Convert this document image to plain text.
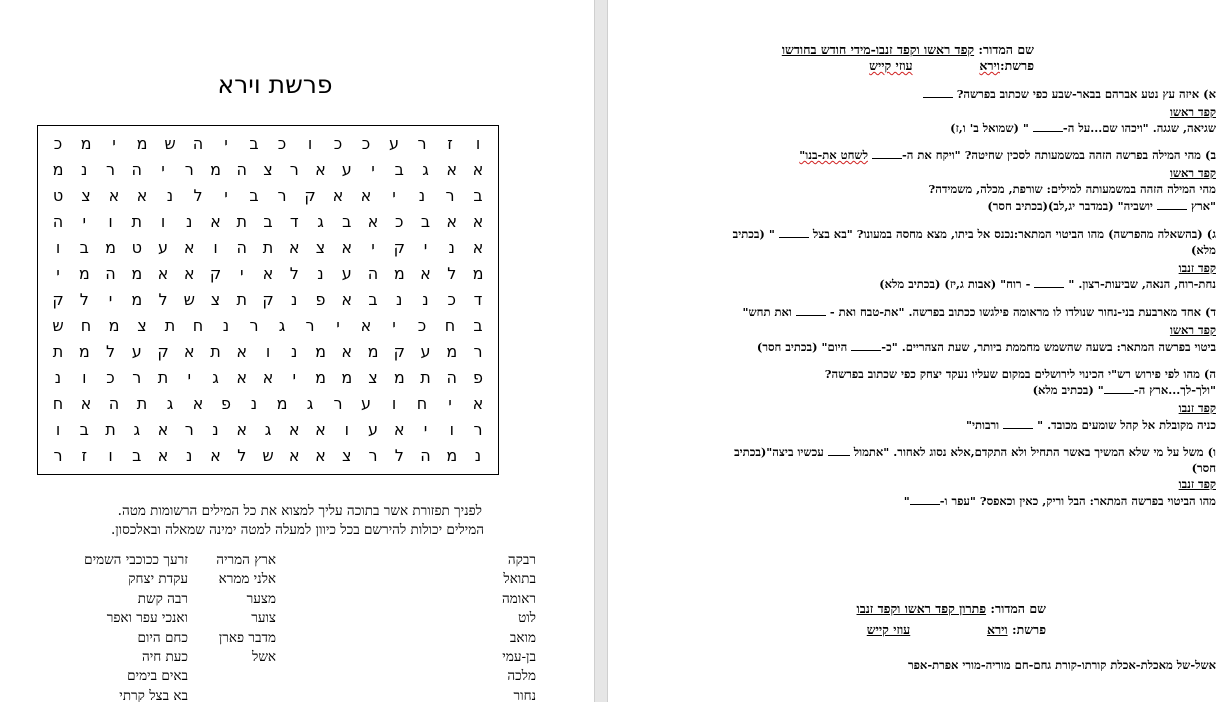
פרשת וירא
ו
ז
ר
ע
כ
כ
ו
כ
ב
י
ה
ש
מ
י
מ
כ
א
א
ג
ב
י
ע
א
ר
צ
ה
מ
ר
י
ה
ר
נ
מ
ב
ר
נ
י
א
א
ק
ר
ב
י
ל
נ
א
א
צ
ט
א
א
ב
כ
א
ב
ג
ד
ב
ת
א
נ
ו
ת
ו
י
ה
א
נ
י
ק
י
א
צ
א
ת
ה
ו
א
ע
ט
מ
ב
ו
מ
ל
א
מ
ה
ע
נ
ל
א
י
ק
א
א
מ
ה
מ
י
ד
כ
נ
נ
ב
א
פ
נ
ק
ת
צ
ש
ל
מ
י
ל
ק
ב
ח
כ
י
א
י
ר
ג
ר
נ
ח
ת
צ
מ
ח
ש
ר
מ
ע
ק
מ
א
מ
נ
ו
א
ת
א
ק
ע
ל
מ
ת
פ
ה
ת
מ
צ
מ
מ
י
א
א
ג
י
ת
ר
כ
ו
נ
א
י
ח
ו
ע
ר
ג
מ
נ
פ
א
ג
ת
ה
א
ח
ר
ו
י
א
ע
ו
א
א
ג
א
נ
ר
א
ג
ת
ב
ו
נ
מ
ה
ל
ר
צ
א
א
ש
ל
א
נ
א
ב
ו
ז
ר
לפניך תפזורת אשר בתוכה עליך למצוא את כל המילים הרשומות מטה.
המילים יכולות להירשם בכל כיוון למעלה למטה ימינה שמאלה ובאלכסון.
רבקה
בתואל
ראומה
לוט
מואב
בן-עמי
מלכה
נחור
ארץ המריה
אלני ממרא
מצער
צוער
מדבר פארן
אשל
זרעך ככוכבי השמים
עקדת יצחק
רבה קשת
ואנכי עפר ואפר
כחם היום
כעת חיה
באים בימים
בא בצל קרתי
שם המדור: קפד ראשו וקפד זנבו-מידי חודש בחודשו
פרשת:וירא  עוזי קייש
א) איזה עץ נטע אברהם בבאר-שבע כפי שכתוב בפרשה?
קפד ראשו
שגיאה, שגגה. "ויכהו שם...על ה- " (שמואל ב' ו,ז)
ב) מהי המילה בפרשה הזהה במשמעותה לסכין שחיטה? "ויקח את ה- לשחט את-בנו"
קפד ראשו
מהי המילה הזהה במשמעותה למילים: שורפת, מכלה, משמידה?
"ארץ  יושביה" (במדבר יג,לב)(בכתיב חסר)
ג) (בהשאלה מהפרשה) מהו הביטוי המתאר:נכנס אל ביתו, מצא מחסה במעונו? "בא בצל  " (בכתיב
מלא)
קפד זנבו
נחת-רוח, הנאה, שביעות-רצון. "  - רוח" (אבות ג,יז) (בכתיב מלא)
ד) אחד מארבעת בני-נחור שנולדו לו מראומה פילגשו ככתוב בפרשה. "את-טבח ואת -  ואת תחש"
קפד ראשו
ביטוי בפרשה המתאר: בשעה שהשמש מחממת ביותר, שעת הצהריים. "כ- היום" (בכתיב חסר)
ה) מהו לפי פירוש רש"י הכינוי לירושלים במקום שעליו נעקד יצחק כפי שכתוב בפרשה?
"ולך-לך...ארץ ה-" (בכתיב מלא)
קפד זנבו
כניה מקובלת אל קהל שומעים מכובד. "  ורבותי"
ו) משל על מי שלא המשיך באשר התחיל ולא התקדם,אלא נסוג לאחור. "אתמול  עכשיו ביצה"(בכתיב
חסר)
קפד זנבו
מהו הביטוי בפרשה המתאר: הבל וריק, כאין וכאפס? "עפר ו-"
שם המדור: פתרון קפד ראשו וקפד זנבו
פרשת: וירא  עוזי קייש
אשל-של מאכלת-אכלת קורתו-קורת גחם-חם מוריה-מורי אפרת-אפר
